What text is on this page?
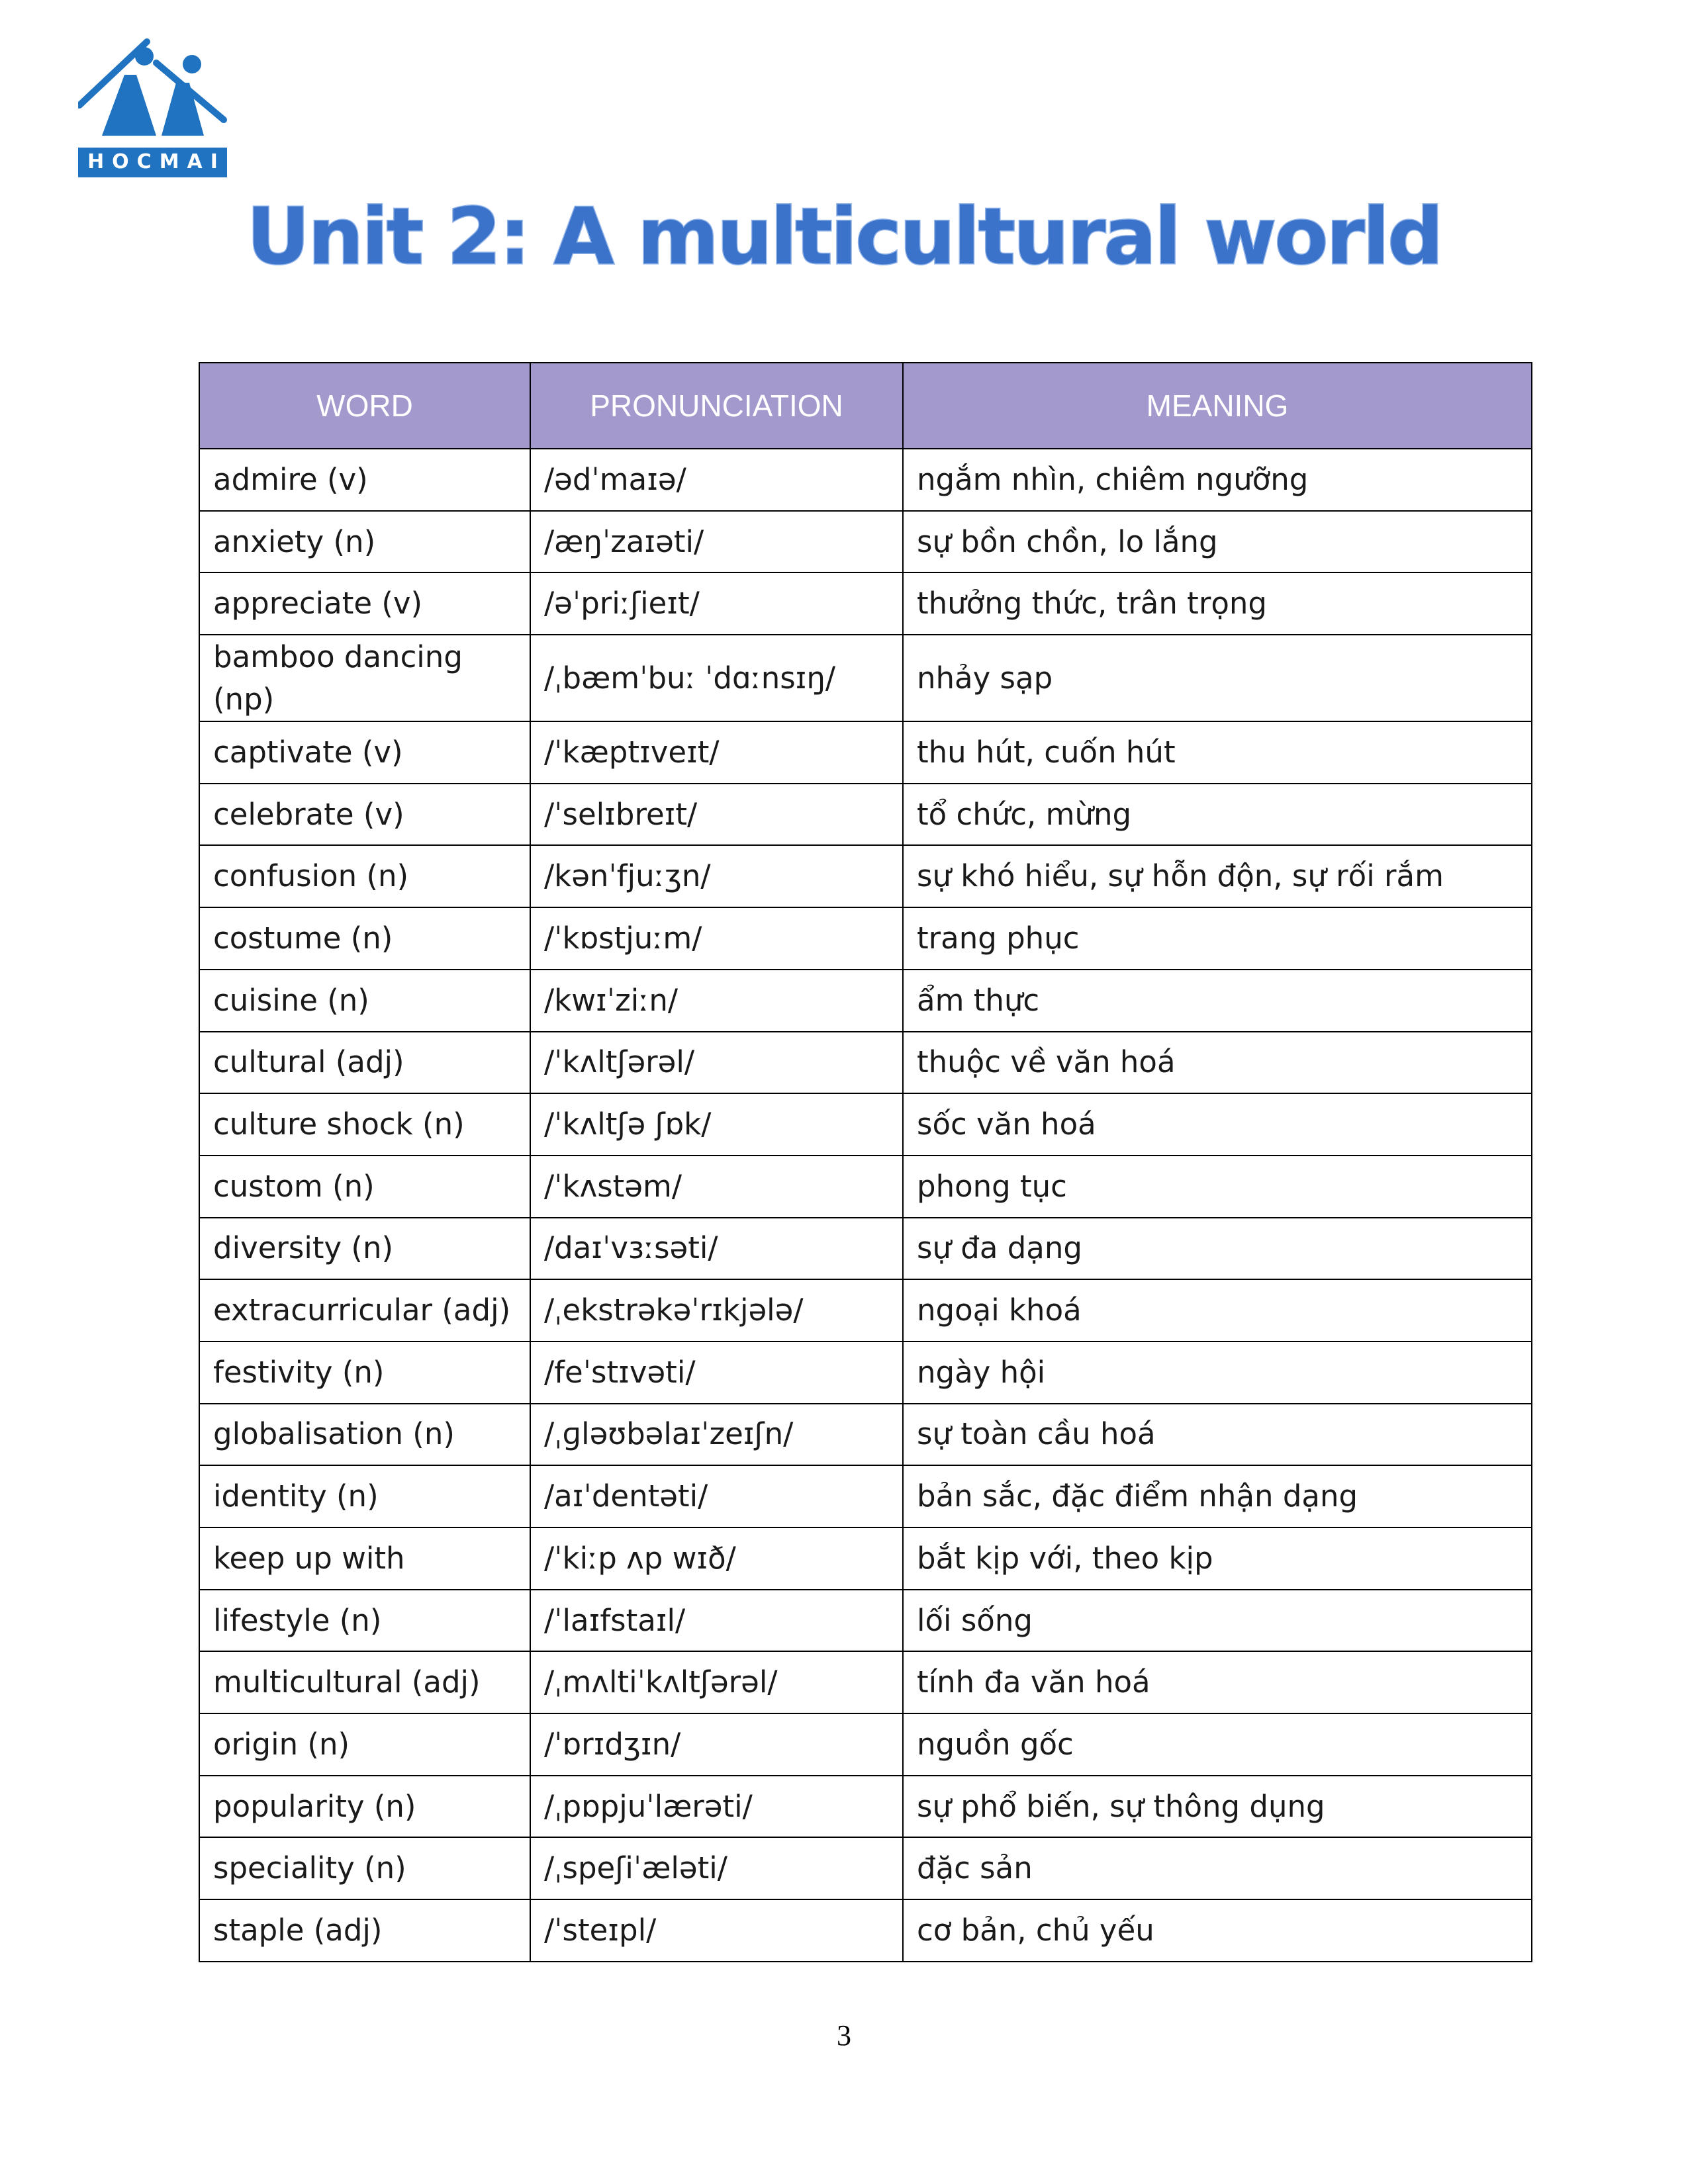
HOCMAI
Unit 2: A multicultural world
WORD	PRONUNCIATION	MEANING
admire (v)	/ədˈmaɪə/	ngắm nhìn, chiêm ngưỡng
anxiety (n)	/æŋˈzaɪəti/	sự bồn chồn, lo lắng
appreciate (v)	/əˈpriːʃieɪt/	thưởng thức, trân trọng
bamboo dancing (np)	/ˌbæmˈbuː ˈdɑːnsɪŋ/	nhảy sạp
captivate (v)	/ˈkæptɪveɪt/	thu hút, cuốn hút
celebrate (v)	/ˈselɪbreɪt/	tổ chức, mừng
confusion (n)	/kənˈfjuːʒn/	sự khó hiểu, sự hỗn độn, sự rối rắm
costume (n)	/ˈkɒstjuːm/	trang phục
cuisine (n)	/kwɪˈziːn/	ẩm thực
cultural (adj)	/ˈkʌltʃərəl/	thuộc về văn hoá
culture shock (n)	/ˈkʌltʃə ʃɒk/	sốc văn hoá
custom (n)	/ˈkʌstəm/	phong tục
diversity (n)	/daɪˈvɜːsəti/	sự đa dạng
extracurricular (adj)	/ˌekstrəkəˈrɪkjələ/	ngoại khoá
festivity (n)	/feˈstɪvəti/	ngày hội
globalisation (n)	/ˌɡləʊbəlaɪˈzeɪʃn/	sự toàn cầu hoá
identity (n)	/aɪˈdentəti/	bản sắc, đặc điểm nhận dạng
keep up with	/ˈkiːp ʌp wɪð/	bắt kịp với, theo kịp
lifestyle (n)	/ˈlaɪfstaɪl/	lối sống
multicultural (adj)	/ˌmʌltiˈkʌltʃərəl/	tính đa văn hoá
origin (n)	/ˈɒrɪdʒɪn/	nguồn gốc
popularity (n)	/ˌpɒpjuˈlærəti/	sự phổ biến, sự thông dụng
speciality (n)	/ˌspeʃiˈæləti/	đặc sản
staple (adj)	/ˈsteɪpl/	cơ bản, chủ yếu
3
